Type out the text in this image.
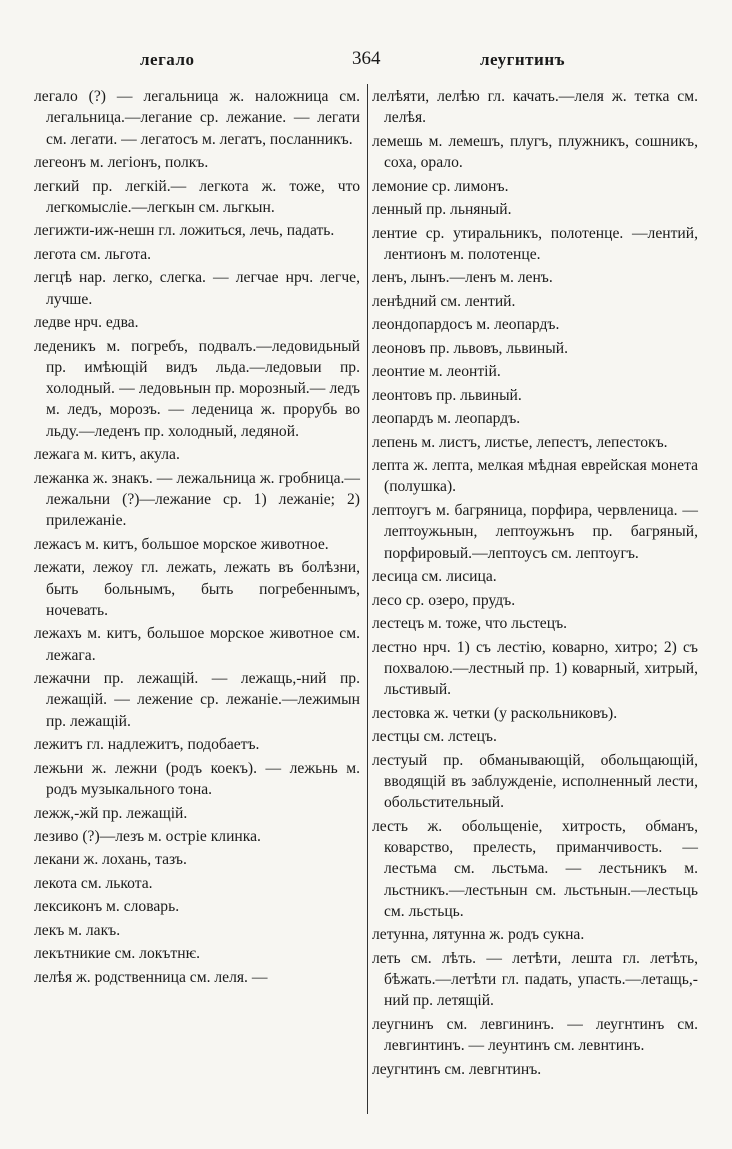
легало	364	леугнтинъ

легало (?) — легальница ж. наложница см. легальница.—легание ср. лежание. — легати см. легати. — легатосъ м. легатъ, посланникъ.

легеонъ м. легіонъ, полкъ.

легкий пр. легкій.— легкота ж. тоже, что легкомысліе.—легкын см. льгкын.

легижти-иж-нешн гл. ложиться, лечь, падать.

легота см. льгота.

легцѣ нар. легко, слегка. — легчае нрч. легче, лучше.

ледве нрч. едва.

леденикъ м. погребъ, подвалъ.—ледовидьный пр. имѣющій видъ льда.—ледовыи пр. холодный. — ледовьнын пр. морозный.— ледъ м. ледъ, морозъ. — леденица ж. прорубь во льду.—леденъ пр. холодный, ледяной.

лежага м. китъ, акула.

лежанка ж. знакъ. — лежальница ж. гробница.—лежальни (?)—лежание ср. 1) лежаніе; 2) прилежаніе.

лежасъ м. китъ, большое морское животное.

лежати, лежоу гл. лежать, лежать въ болѣзни, быть больнымъ, быть погребеннымъ, ночевать.

лежахъ м. китъ, большое морское животное см. лежага.

лежачни пр. лежащій. — лежащь,-ний пр. лежащій. — лежение ср. лежаніе.—лежимын пр. лежащій.

лежитъ гл. надлежитъ, подобаетъ.

лежьни ж. лежни (родъ коекъ). — лежьнь м. родъ музыкального тона.

лежж,-жй пр. лежащій.

лезиво (?)—лезъ м. остріе клинка.

лекани ж. лохань, тазъ.

лекота см. лькота.

лексиконъ м. словарь.

лекъ м. лакъ.

лекътникие см. локътнѥ.

лелѣя ж. родственница см. леля. —

лелѣяти, лелѣю гл. качать.—леля ж. тетка см. лелѣя.

лемешь м. лемешъ, плугъ, плужникъ, сошникъ, соха, орало.

лемоние ср. лимонъ.

ленный пр. льняный.

лентие ср. утиральникъ, полотенце. —лентий, лентионъ м. полотенце.

ленъ, лынъ.—ленъ м. ленъ.

ленѣдний см. лентий.

леондопардосъ м. леопардъ.

леоновъ пр. львовъ, львиный.

леонтие м. леонтій.

леонтовъ пр. львиный.

леопардъ м. леопардъ.

лепень м. листъ, листье, лепестъ, лепестокъ.

лепта ж. лепта, мелкая мѣдная еврейская монета (полушка).

лептоугъ м. багряница, порфира, червленица. — лептоужьнын, лептоужьнъ пр. багряный, порфировый.—лептоусъ см. лептоугъ.

лесица см. лисица.

лесо ср. озеро, прудъ.

лестецъ м. тоже, что льстецъ.

лестно нрч. 1) съ лестію, коварно, хитро; 2) съ похвалою.—лестный пр. 1) коварный, хитрый, льстивый.

лестовка ж. четки (у раскольниковъ).

лестцы см. лстецъ.

лестуый пр. обманывающій, обольщающій, вводящій въ заблужденіе, исполненный лести, обольстительный.

лесть ж. обольщеніе, хитрость, обманъ, коварство, прелесть, приманчивость. — лестьма см. льстьма. — лестьникъ м. льстникъ.—лестьнын см. льстьнын.—лестьць см. льстьць.

летунна, лятунна ж. родъ сукна.

леть см. лѣть. — летѣти, лешта гл. летѣть, бѣжать.—летѣти гл. падать, упасть.—летащь,-ний пр. летящій.

леугнинъ см. левгининъ. — леугнтинъ см. левгинтинъ. — леунтинъ см. левнтинъ.

леугнтинъ см. левгнтинъ.
